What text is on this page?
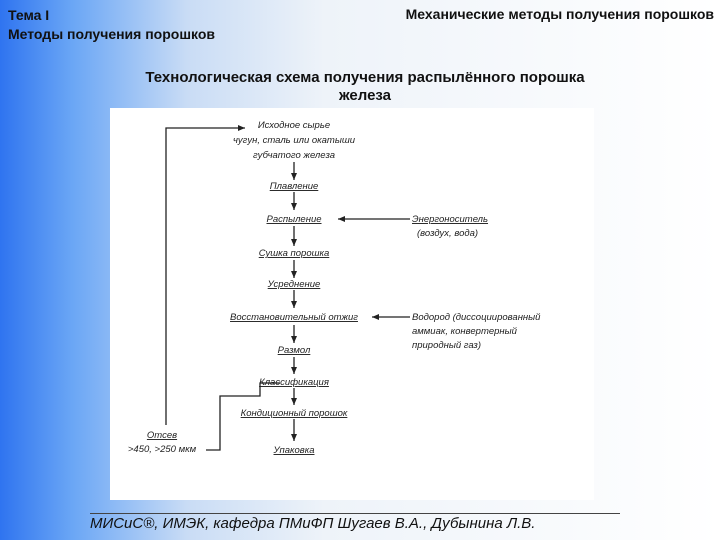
Тема I
Методы получения порошков
Механические методы получения порошков
Технологическая схема получения распылённого порошка
железа
Исходное сырье
чугун, сталь или окатыши
губчатого железа
Плавление
Распыление
Сушка порошка
Усреднение
Восстановительный отжиг
Размол
Классификация
Кондиционный порошок
Упаковка
Энергоноситель
(воздух, вода)
Водород (диссоциированный
аммиак, конвертерный
природный газ)
Отсев
>450, >250 мкм
МИСиС®, ИМЭК, кафедра ПМиФП Шугаев В.А., Дубынина Л.В.
